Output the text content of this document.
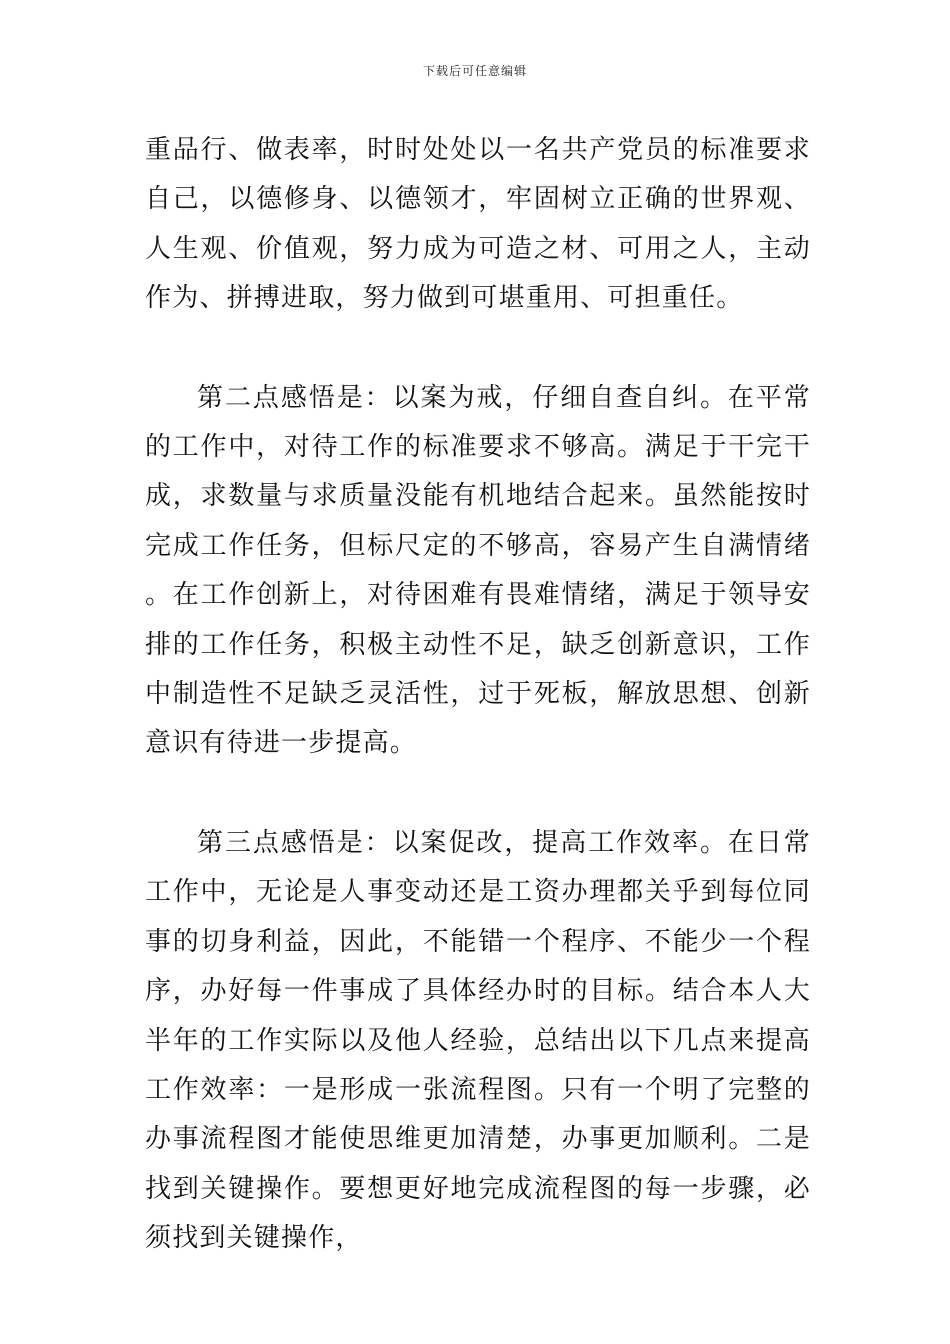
下载后可任意编辑

重品行、做表率，时时处处以一名共产党员的标准要求自己，以德修身、以德领才，牢固树立正确的世界观、人生观、价值观，努力成为可造之材、可用之人，主动作为、拼搏进取，努力做到可堪重用、可担重任。

第二点感悟是：以案为戒，仔细自查自纠。在平常的工作中，对待工作的标准要求不够高。满足于干完干成，求数量与求质量没能有机地结合起来。虽然能按时完成工作任务，但标尺定的不够高，容易产生自满情绪。在工作创新上，对待困难有畏难情绪，满足于领导安排的工作任务，积极主动性不足，缺乏创新意识，工作中制造性不足缺乏灵活性，过于死板，解放思想、创新意识有待进一步提高。

第三点感悟是：以案促改，提高工作效率。在日常工作中，无论是人事变动还是工资办理都关乎到每位同事的切身利益，因此，不能错一个程序、不能少一个程序，办好每一件事成了具体经办时的目标。结合本人大半年的工作实际以及他人经验，总结出以下几点来提高工作效率：一是形成一张流程图。只有一个明了完整的办事流程图才能使思维更加清楚，办事更加顺利。二是找到关键操作。要想更好地完成流程图的每一步骤，必须找到关键操作，
